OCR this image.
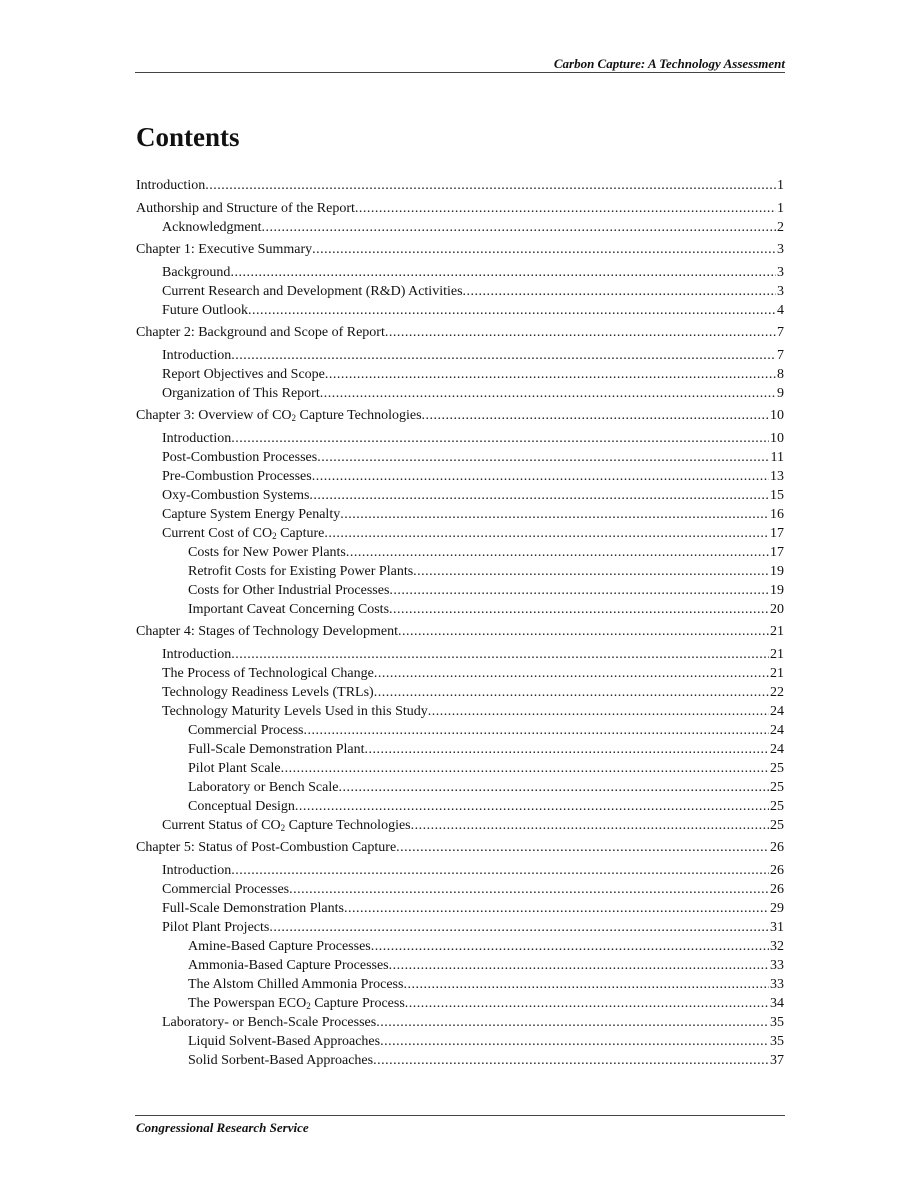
Carbon Capture: A Technology Assessment
Contents
Introduction .....	1
Authorship and Structure of the Report .....	1
Acknowledgment .....	2
Chapter 1: Executive Summary .....	3
Background .....	3
Current Research and Development (R&D) Activities .....	3
Future Outlook .....	4
Chapter 2: Background and Scope of Report .....	7
Introduction .....	7
Report Objectives and Scope .....	8
Organization of This Report .....	9
Chapter 3: Overview of $CO_2$ Capture Technologies .....	10
Introduction .....	10
Post-Combustion Processes .....	11
Pre-Combustion Processes .....	13
Oxy-Combustion Systems .....	15
Capture System Energy Penalty .....	16
Current Cost of $CO_2$ Capture .....	17
Costs for New Power Plants .....	17
Retrofit Costs for Existing Power Plants .....	19
Costs for Other Industrial Processes .....	19
Important Caveat Concerning Costs .....	20
Chapter 4: Stages of Technology Development .....	21
Introduction .....	21
The Process of Technological Change .....	21
Technology Readiness Levels (TRLs) .....	22
Technology Maturity Levels Used in this Study .....	24
Commercial Process .....	24
Full-Scale Demonstration Plant .....	24
Pilot Plant Scale .....	25
Laboratory or Bench Scale .....	25
Conceptual Design .....	25
Current Status of $CO_2$ Capture Technologies .....	25
Chapter 5: Status of Post-Combustion Capture .....	26
Introduction .....	26
Commercial Processes .....	26
Full-Scale Demonstration Plants .....	29
Pilot Plant Projects .....	31
Amine-Based Capture Processes .....	32
Ammonia-Based Capture Processes .....	33
The Alstom Chilled Ammonia Process .....	33
The Powerspan $ECO_2$ Capture Process .....	34
Laboratory- or Bench-Scale Processes .....	35
Liquid Solvent-Based Approaches .....	35
Solid Sorbent-Based Approaches .....	37
Congressional Research Service
